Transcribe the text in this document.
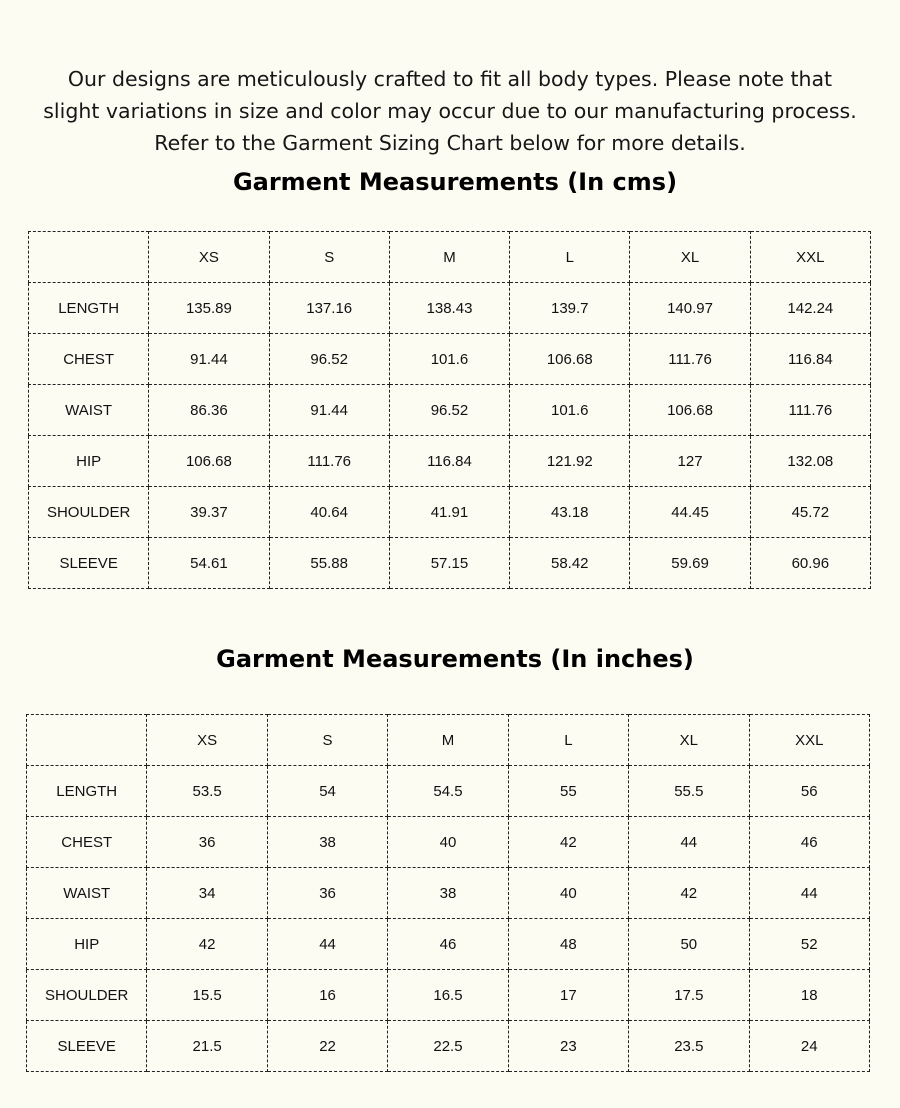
Our designs are meticulously crafted to fit all body types. Please note that slight variations in size and color may occur due to our manufacturing process. Refer to the Garment Sizing Chart below for more details.

Garment Measurements (In cms)
	XS	S	M	L	XL	XXL
LENGTH	135.89	137.16	138.43	139.7	140.97	142.24
CHEST	91.44	96.52	101.6	106.68	111.76	116.84
WAIST	86.36	91.44	96.52	101.6	106.68	111.76
HIP	106.68	111.76	116.84	121.92	127	132.08
SHOULDER	39.37	40.64	41.91	43.18	44.45	45.72
SLEEVE	54.61	55.88	57.15	58.42	59.69	60.96
Garment Measurements (In inches)
	XS	S	M	L	XL	XXL
LENGTH	53.5	54	54.5	55	55.5	56
CHEST	36	38	40	42	44	46
WAIST	34	36	38	40	42	44
HIP	42	44	46	48	50	52
SHOULDER	15.5	16	16.5	17	17.5	18
SLEEVE	21.5	22	22.5	23	23.5	24
